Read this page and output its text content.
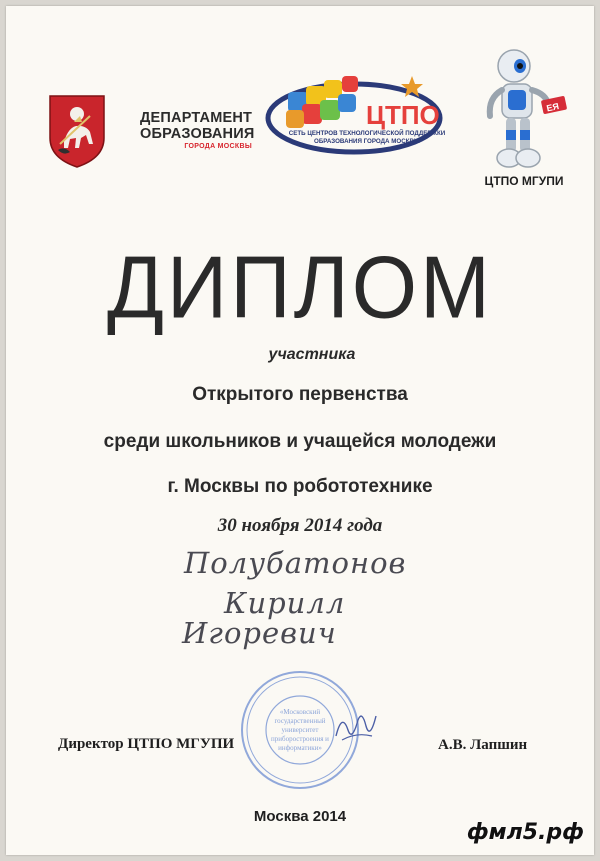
ДЕПАРТАМЕНТ
ОБРАЗОВАНИЯ
ГОРОДА МОСКВЫ
ЦТПО
СЕТЬ ЦЕНТРОВ ТЕХНОЛОГИЧЕСКОЙ ПОДДЕРЖКИ
ОБРАЗОВАНИЯ ГОРОДА МОСКВЫ
ЕЯ
ЦТПО МГУПИ
ДИПЛОМ
участника
Открытого первенства
среди школьников и учащейся молодежи
г. Москвы по робототехнике
30 ноября 2014 года
Полубатонов
Кирилл
Игоревич
«Московский
государственный
университет
приборостроения и
информатики»
Директор ЦТПО МГУПИ	А.В. Лапшин
Москва 2014
фмл5.рф
